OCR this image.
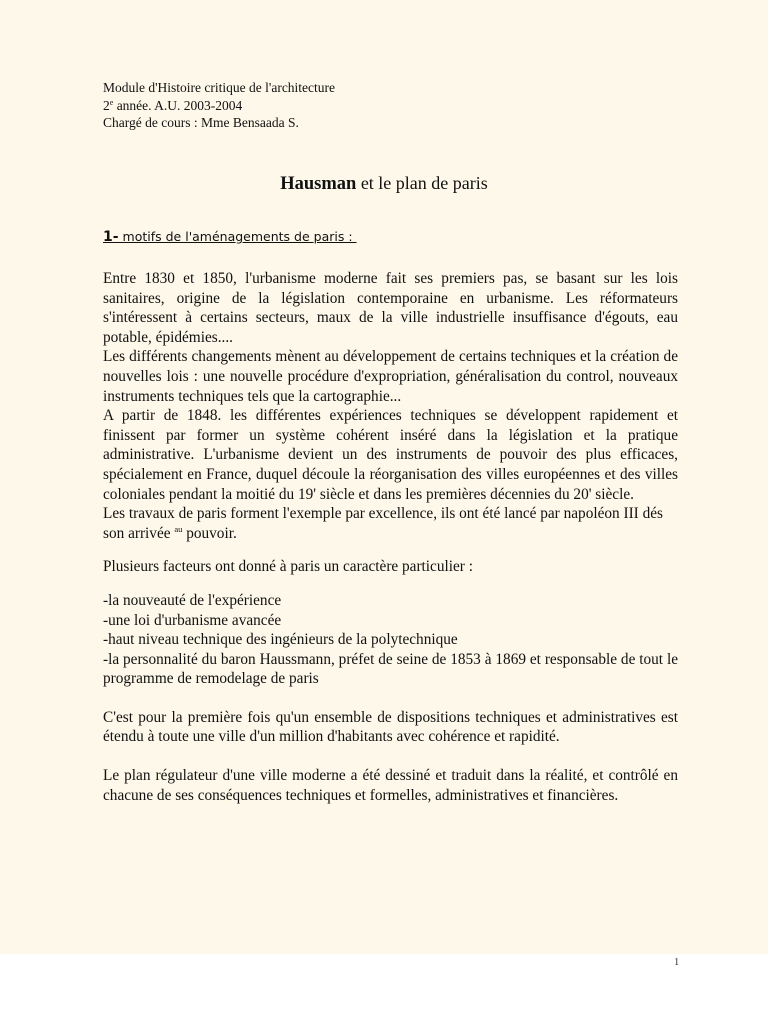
Module d'Histoire critique de l'architecture
2e année. A.U. 2003-2004
Chargé de cours : Mme Bensaada S.
Hausman et le plan de paris
1- motifs de l'aménagements de paris :

Entre 1830 et 1850, l'urbanisme moderne fait ses premiers pas, se basant sur les lois sanitaires, origine de la législation contemporaine en urbanisme. Les réformateurs s'intéressent à certains secteurs, maux de la ville industrielle insuffisance d'égouts, eau potable, épidémies....

Les différents changements mènent au développement de certains techniques et la création de nouvelles lois : une nouvelle procédure d'expropriation, généralisation du control, nouveaux instruments techniques tels que la cartographie...

A partir de 1848. les différentes expériences techniques se développent rapidement et finissent par former un système cohérent inséré dans la législation et la pratique administrative. L'urbanisme devient un des instruments de pouvoir des plus efficaces, spécialement en France, duquel découle la réorganisation des villes européennes et des villes coloniales pendant la moitié du 19' siècle et dans les premières décennies du 20' siècle.

Les travaux de paris forment l'exemple par excellence, ils ont été lancé par napoléon III dés son arrivée $^{au}$ pouvoir.

Plusieurs facteurs ont donné à paris un caractère particulier :

-la nouveauté de l'expérience

-une loi d'urbanisme avancée

-haut niveau technique des ingénieurs de la polytechnique

-la personnalité du baron Haussmann, préfet de seine de 1853 à 1869 et responsable de tout le programme de remodelage de paris

C'est pour la première fois qu'un ensemble de dispositions techniques et administratives est étendu à toute une ville d'un million d'habitants avec cohérence et rapidité.

Le plan régulateur d'une ville moderne a été dessiné et traduit dans la réalité, et contrôlé en chacune de ses conséquences techniques et formelles, administratives et financières.

1
